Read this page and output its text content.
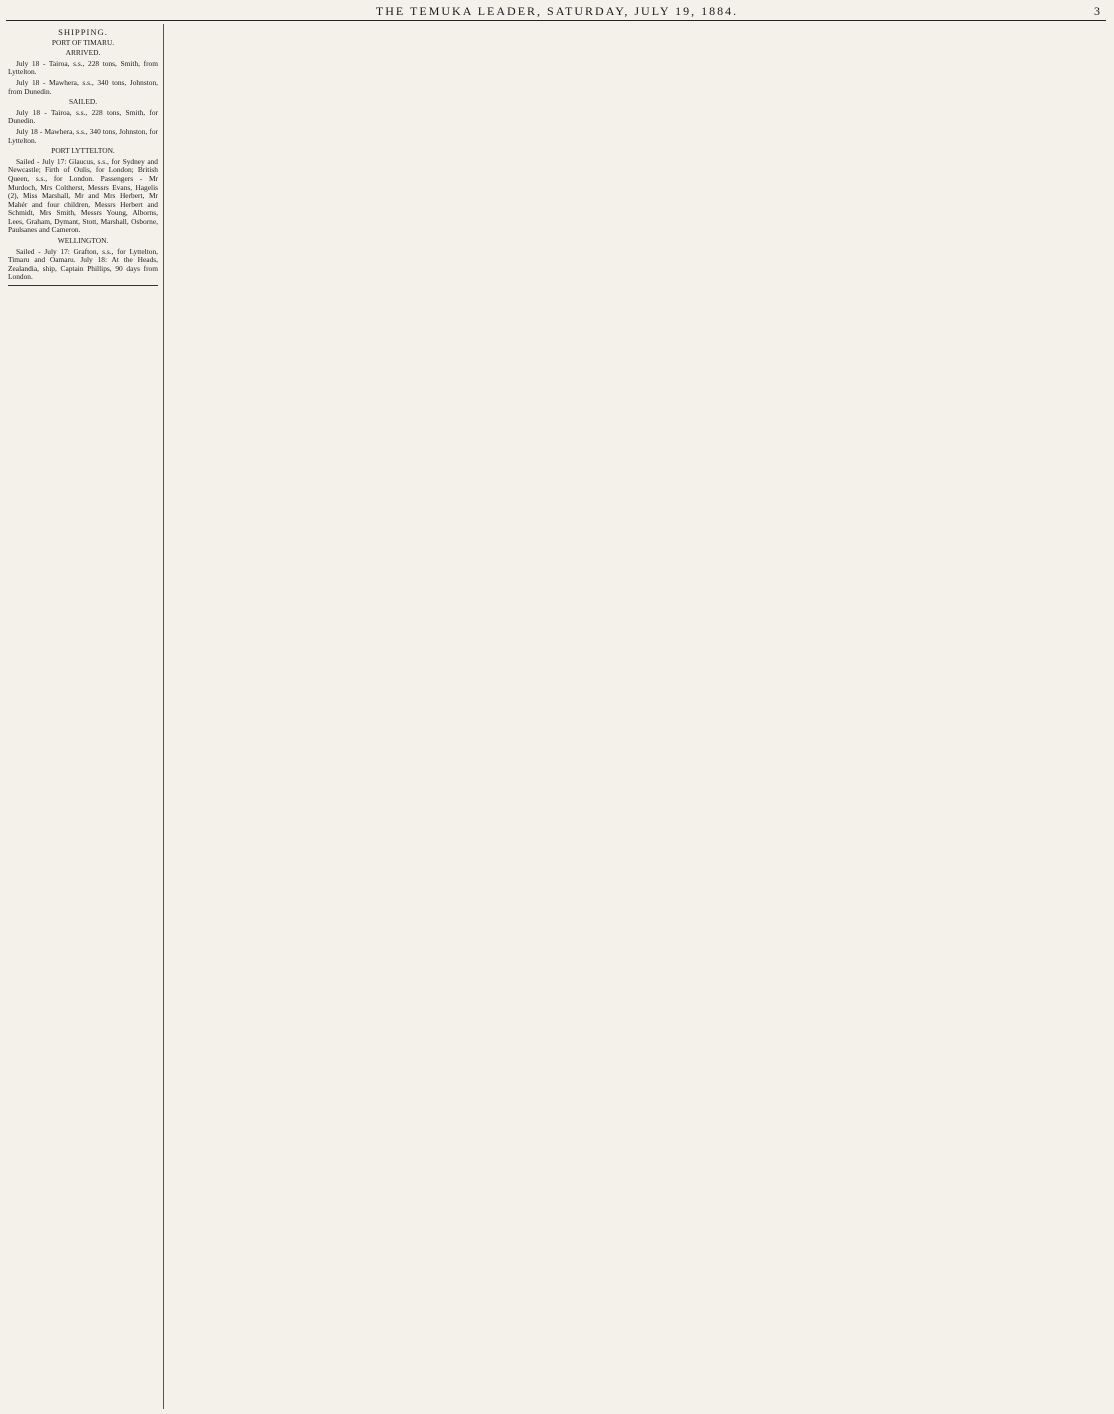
THE TEMUKA LEADER, SATURDAY, JULY 19, 1884.	3
SHIPPING.
PORT OF TIMARU.
ARRIVED.
July 18 - Tairoa, s.s., 228 tons, Smith, from Lyttelton.
July 18 - Mawhera, s.s., 340 tons, Johnston, from Dunedin.
SAILED.
July 18 - Tairoa, s.s., 228 tons, Smith, for Dunedin.
July 18 - Mawhera, s.s., 340 tons, Johnston, for Lyttelton.
PORT LYTTELTON.
Sailed - July 17: Glaucus, s.s., for Sydney and Newcastle; Firth of Oulis, for London; British Queen, s.s., for London. Passengers - Mr Murdoch, Mrs Coltherst, Messrs Evans, Hagelis (2), Miss Marshall, Mr and Mrs Herbert, Mr Mahér and four children, Messrs Herbert and Schmidt, Mrs Smith, Messrs Young, Alborns, Lees, Graham, Dymant, Stott, Marshall, Osborne, Paulsanes and Cameron.
WELLINGTON.
Sailed - July 17: Grafton, s.s., for Lyttelton, Timaru and Oamaru. July 18: At the Heads, Zealandia, ship, Captain Phillips, 90 days from London.
